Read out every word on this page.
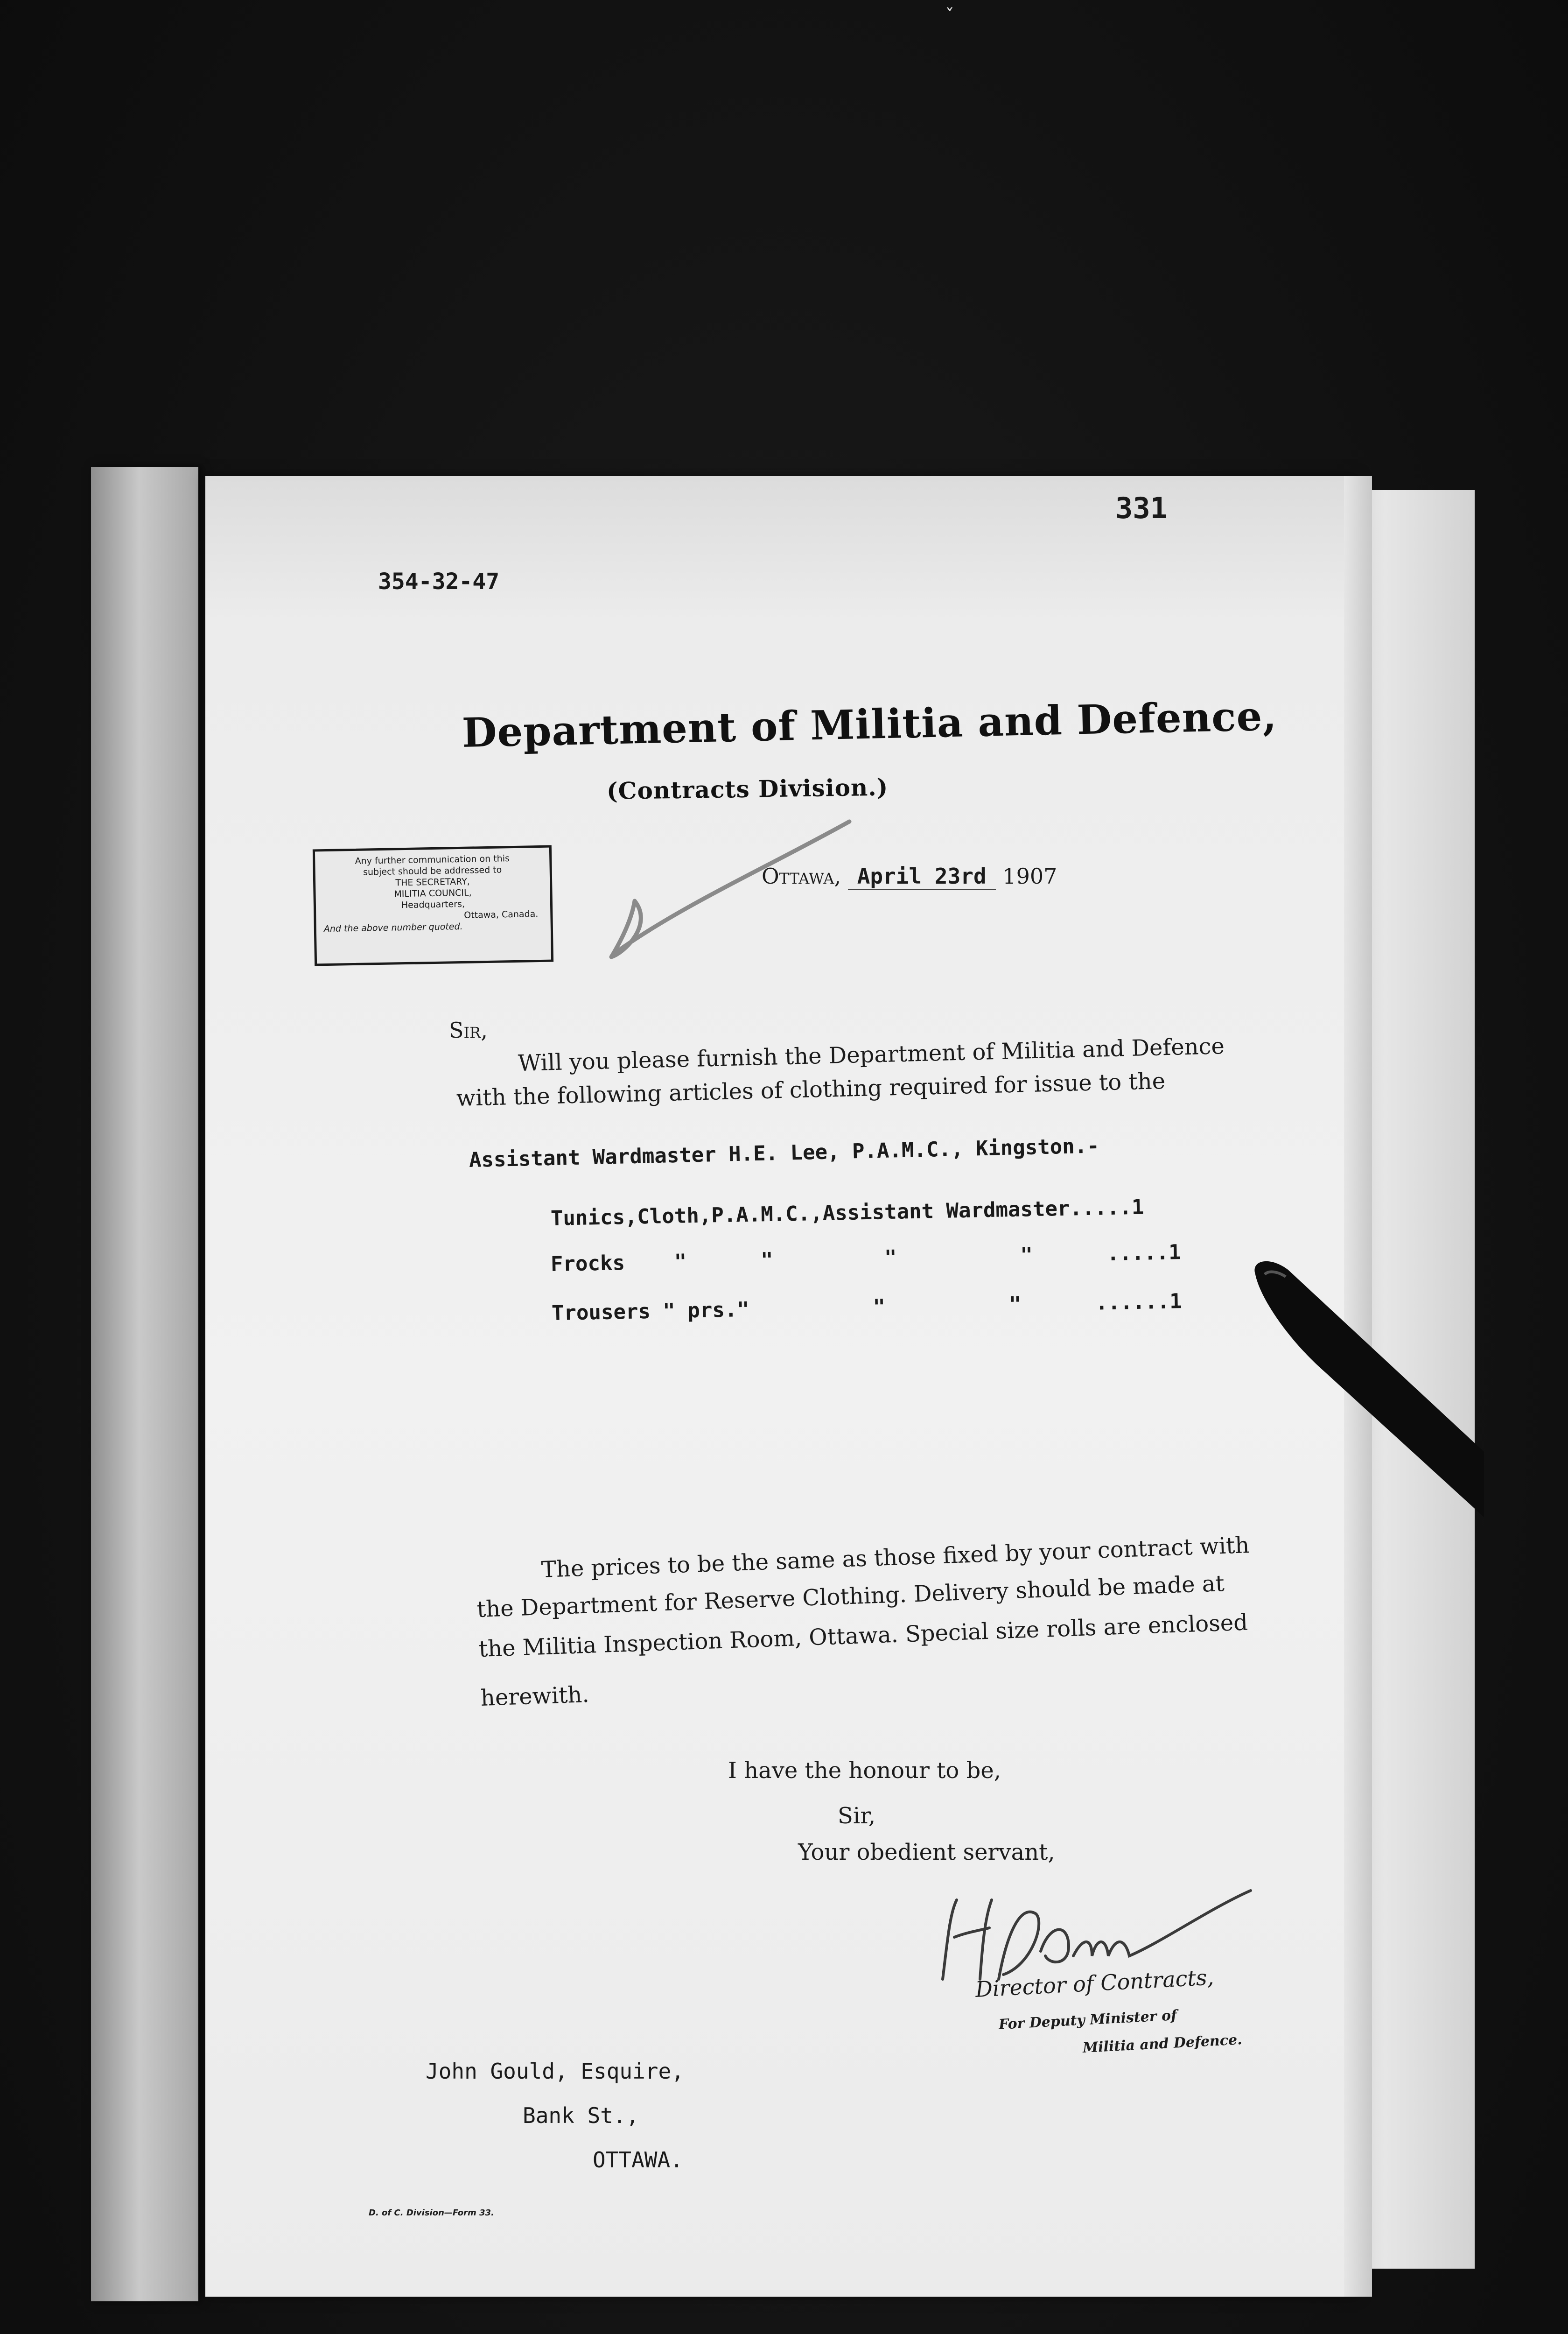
ˇ
331
354-32-47
Department of Militia and Defence,
(Contracts Division.)
Any further communication on this
subject should be addressed to
THE SECRETARY,
MILITIA COUNCIL,
Headquarters,
Ottawa, Canada.
And the above number quoted.
Ottawa, April 23rd 1907
Sir,
Will you please furnish the Department of Militia and Defence
with the following articles of clothing required for issue to the
Assistant Wardmaster H.E. Lee, P.A.M.C., Kingston.-
Tunics,Cloth,P.A.M.C.,Assistant Wardmaster.....1
Frocks    "      "         "          "      .....1
Trousers " prs."          "          "      ......1
The prices to be the same as those fixed by your contract with
the Department for Reserve Clothing. Delivery should be made at
the Militia Inspection Room, Ottawa. Special size rolls are enclosed
herewith.
I have the honour to be,
Sir,
Your obedient servant,
Director of Contracts,
For Deputy Minister of
Militia and Defence.
John Gould, Esquire,
Bank St.,
OTTAWA.
D. of C. Division—Form 33.
